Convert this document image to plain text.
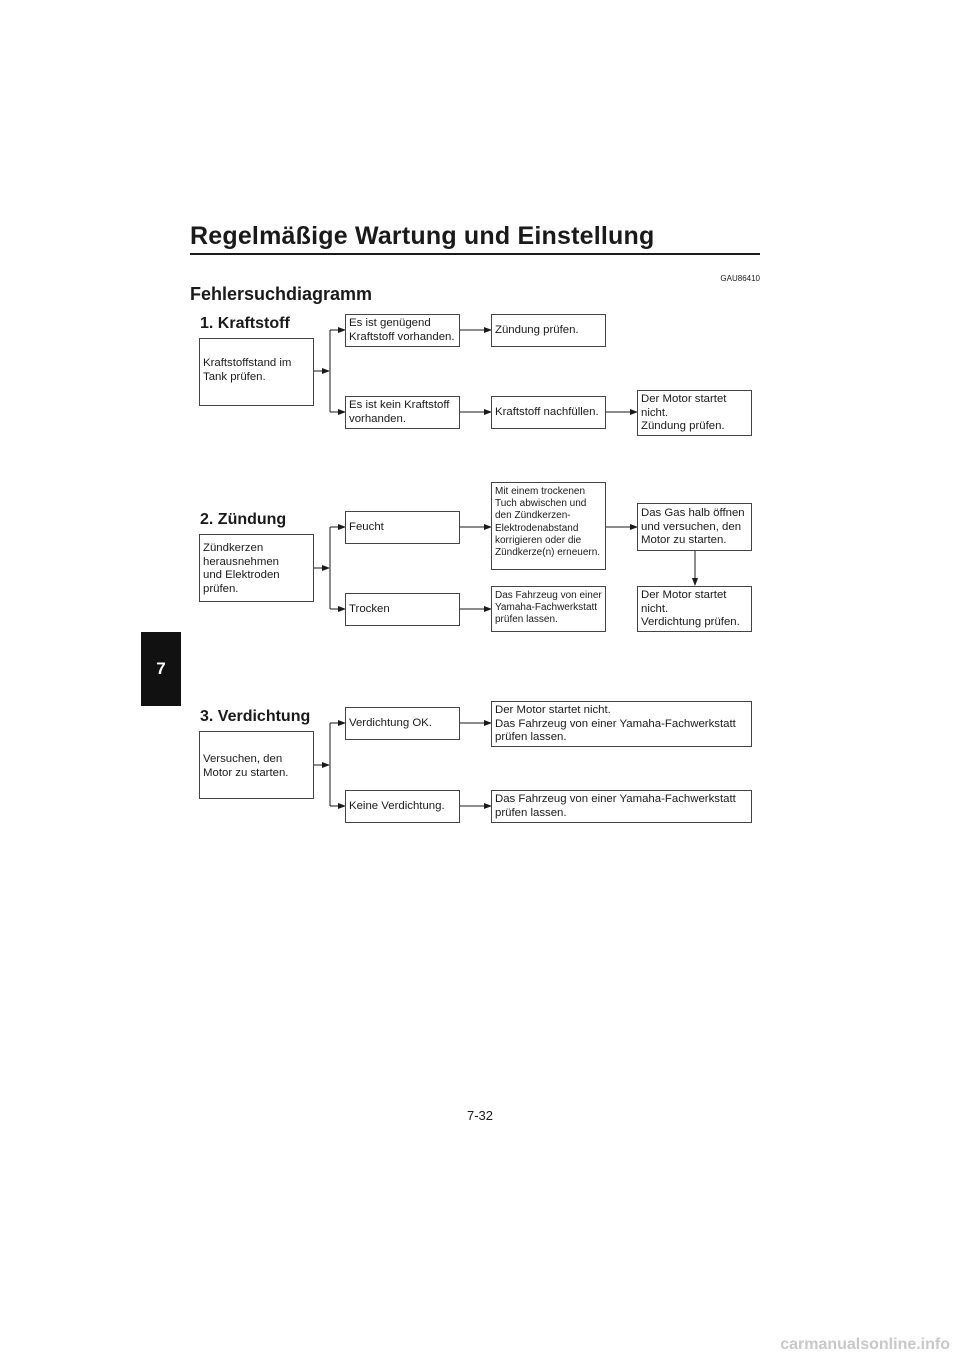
Regelmäßige Wartung und Einstellung
GAU86410
Fehlersuchdiagramm
7
1. Kraftstoff
Kraftstoffstand im
Tank prüfen.
Es ist genügend
Kraftstoff vorhanden.
Zündung prüfen.
Es ist kein Kraftstoff
vorhanden.
Kraftstoff nachfüllen.
Der Motor startet
nicht.
Zündung prüfen.
2. Zündung
Zündkerzen
herausnehmen
und Elektroden
prüfen.
Feucht
Mit einem trockenen
Tuch abwischen und
den Zündkerzen-
Elektrodenabstand
korrigieren oder die
Zündkerze(n) erneuern.
Das Gas halb öffnen
und versuchen, den
Motor zu starten.
Der Motor startet
nicht.
Verdichtung prüfen.
Trocken
Das Fahrzeug von einer
Yamaha-Fachwerkstatt
prüfen lassen.
3. Verdichtung
Versuchen, den
Motor zu starten.
Verdichtung OK.
Der Motor startet nicht.
Das Fahrzeug von einer Yamaha-Fachwerkstatt
prüfen lassen.
Keine Verdichtung.
Das Fahrzeug von einer Yamaha-Fachwerkstatt
prüfen lassen.
7-32
carmanualsonline.info
